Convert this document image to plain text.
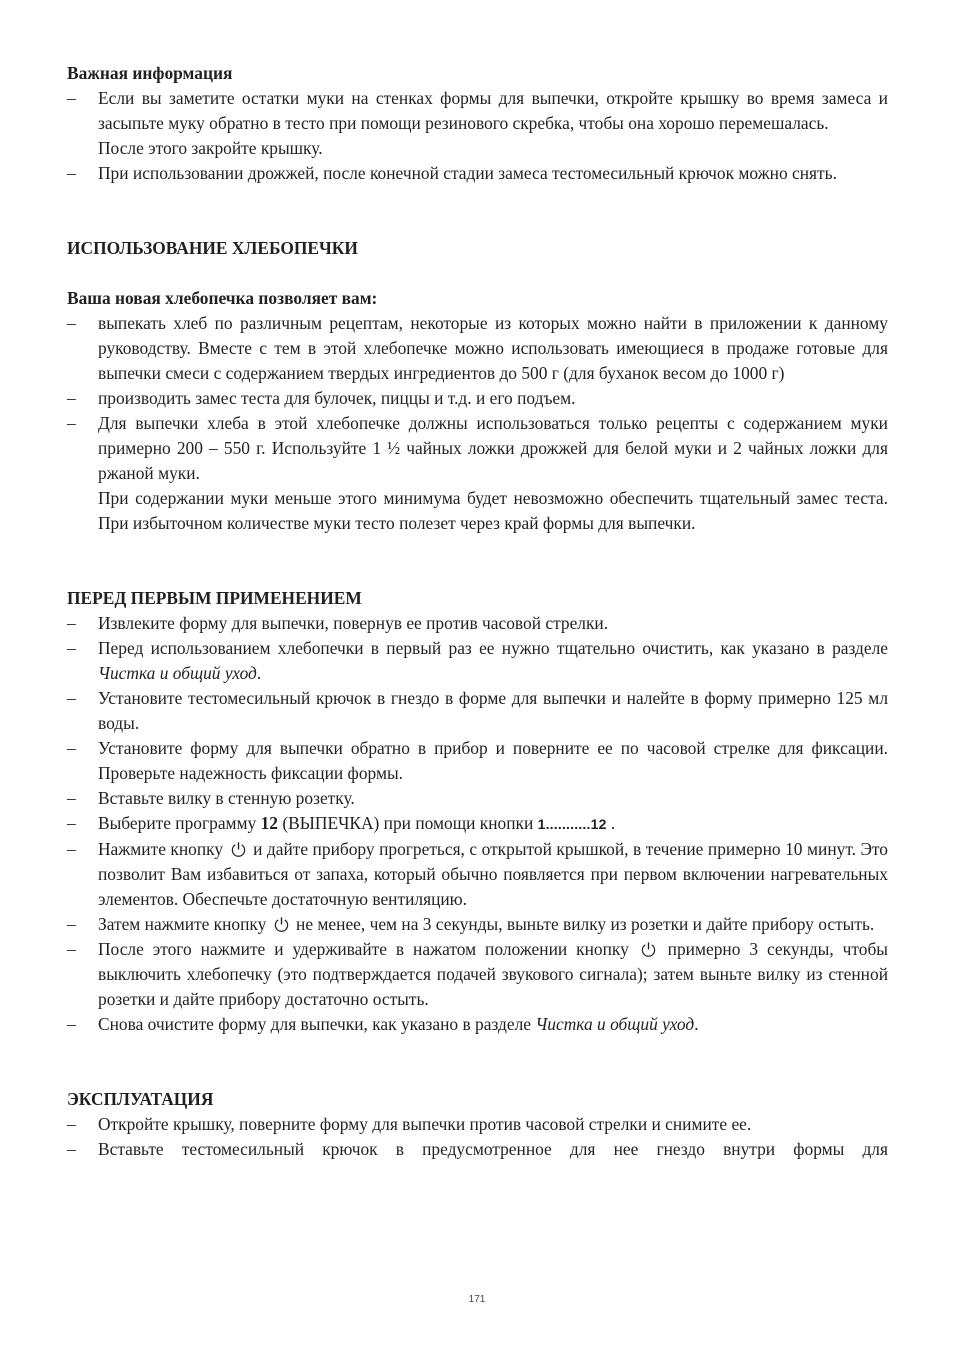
Важная информация

– Если вы заметите остатки муки на стенках формы для выпечки, откройте крышку во время замеса и засыпьте муку обратно в тесто при помощи резинового скребка, чтобы она хорошо перемешалась.
После этого закройте крышку.
– При использовании дрожжей, после конечной стадии замеса тестомесильный крючок можно снять.

ИСПОЛЬЗОВАНИЕ ХЛЕБОПЕЧКИ

Ваша новая хлебопечка позволяет вам:

– выпекать хлеб по различным рецептам, некоторые из которых можно найти в приложении к данному руководству. Вместе с тем в этой хлебопечке можно использовать имеющиеся в продаже готовые для выпечки смеси с содержанием твердых ингредиентов до 500 г (для буханок весом до 1000 г)
– производить замес теста для булочек, пиццы и т.д. и его подъем.
– Для выпечки хлеба в этой хлебопечке должны использоваться только рецепты с содержанием муки примерно 200 – 550 г. Используйте 1 ½ чайных ложки дрожжей для белой муки и 2 чайных ложки для ржаной муки.

При содержании муки меньше этого минимума будет невозможно обеспечить тщательный замес теста. При избыточном количестве муки тесто полезет через край формы для выпечки.

ПЕРЕД ПЕРВЫМ ПРИМЕНЕНИЕМ

– Извлеките форму для выпечки, повернув ее против часовой стрелки.
– Перед использованием хлебопечки в первый раз ее нужно тщательно очистить, как указано в разделе Чистка и общий уход.
– Установите тестомесильный крючок в гнездо в форме для выпечки и налейте в форму примерно 125 мл воды.
– Установите форму для выпечки обратно в прибор и поверните ее по часовой стрелке для фиксации. Проверьте надежность фиксации формы.
– Вставьте вилку в стенную розетку.
– Выберите программу 12 (ВЫПЕЧКА) при помощи кнопки 1...........12 .
– Нажмите кнопку  и дайте прибору прогреться, с открытой крышкой, в течение примерно 10 минут. Это позволит Вам избавиться от запаха, который обычно появляется при первом включении нагревательных элементов. Обеспечьте достаточную вентиляцию.
– Затем нажмите кнопку  не менее, чем на 3 секунды, выньте вилку из розетки и дайте прибору остыть.
– После этого нажмите и удерживайте в нажатом положении кнопку  примерно 3 секунды, чтобы выключить хлебопечку (это подтверждается подачей звукового сигнала); затем выньте вилку из стенной розетки и дайте прибору достаточно остыть.
– Снова очистите форму для выпечки, как указано в разделе Чистка и общий уход.

ЭКСПЛУАТАЦИЯ

– Откройте крышку, поверните форму для выпечки против часовой стрелки и снимите ее.
– Вставьте тестомесильный крючок в предусмотренное для нее гнездо внутри формы для
171
